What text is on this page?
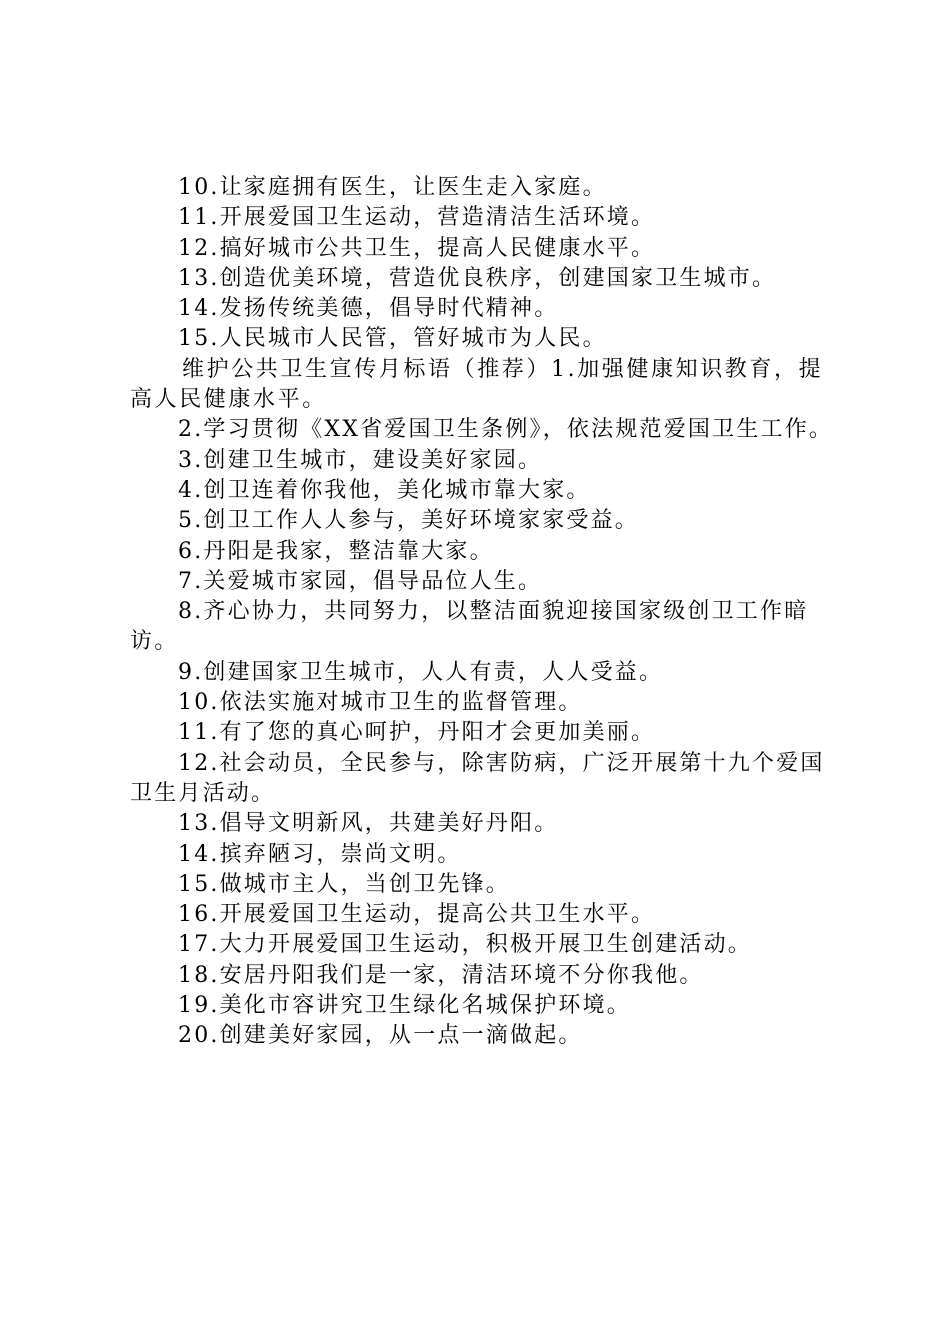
10.让家庭拥有医生，让医生走入家庭。

11.开展爱国卫生运动，营造清洁生活环境。

12.搞好城市公共卫生，提高人民健康水平。

13.创造优美环境，营造优良秩序，创建国家卫生城市。

14.发扬传统美德，倡导时代精神。

15.人民城市人民管，管好城市为人民。

维护公共卫生宣传月标语（推荐）1.加强健康知识教育，提高人民健康水平。

2.学习贯彻《XX省爱国卫生条例》，依法规范爱国卫生工作。

3.创建卫生城市，建设美好家园。

4.创卫连着你我他，美化城市靠大家。

5.创卫工作人人参与，美好环境家家受益。

6.丹阳是我家，整洁靠大家。

7.关爱城市家园，倡导品位人生。

8.齐心协力，共同努力，以整洁面貌迎接国家级创卫工作暗访。

9.创建国家卫生城市，人人有责，人人受益。

10.依法实施对城市卫生的监督管理。

11.有了您的真心呵护，丹阳才会更加美丽。

12.社会动员，全民参与，除害防病，广泛开展第十九个爱国卫生月活动。

13.倡导文明新风，共建美好丹阳。

14.摈弃陋习，崇尚文明。

15.做城市主人，当创卫先锋。

16.开展爱国卫生运动，提高公共卫生水平。

17.大力开展爱国卫生运动，积极开展卫生创建活动。

18.安居丹阳我们是一家，清洁环境不分你我他。

19.美化市容讲究卫生绿化名城保护环境。

20.创建美好家园，从一点一滴做起。
